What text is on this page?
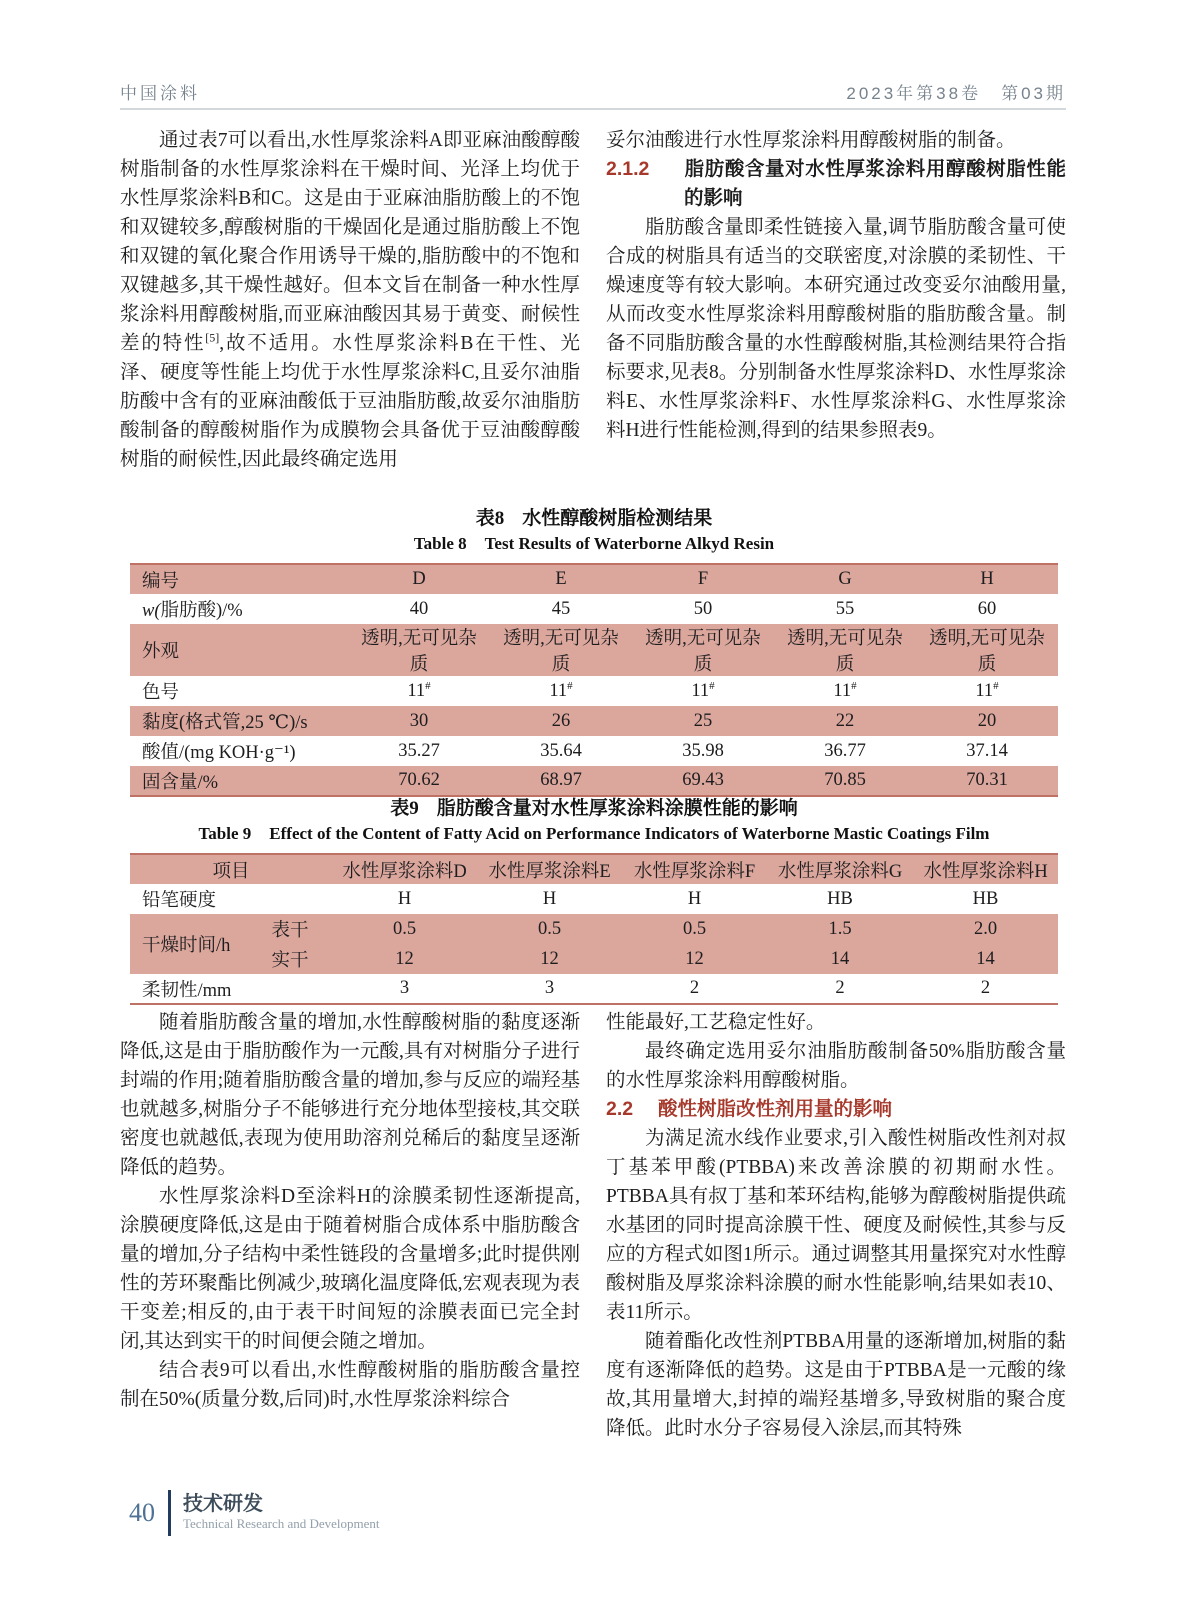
中国涂料	2023年第38卷　第03期

通过表7可以看出,水性厚浆涂料A即亚麻油酸醇酸树脂制备的水性厚浆涂料在干燥时间、光泽上均优于水性厚浆涂料B和C。这是由于亚麻油脂肪酸上的不饱和双键较多,醇酸树脂的干燥固化是通过脂肪酸上不饱和双键的氧化聚合作用诱导干燥的,脂肪酸中的不饱和双键越多,其干燥性越好。但本文旨在制备一种水性厚浆涂料用醇酸树脂,而亚麻油酸因其易于黄变、耐候性差的特性[5],故不适用。水性厚浆涂料B在干性、光泽、硬度等性能上均优于水性厚浆涂料C,且妥尔油脂肪酸中含有的亚麻油酸低于豆油脂肪酸,故妥尔油脂肪酸制备的醇酸树脂作为成膜物会具备优于豆油酸醇酸树脂的耐候性,因此最终确定选用

妥尔油酸进行水性厚浆涂料用醇酸树脂的制备。

2.1.2 脂肪酸含量对水性厚浆涂料用醇酸树脂性能的影响

脂肪酸含量即柔性链接入量,调节脂肪酸含量可使合成的树脂具有适当的交联密度,对涂膜的柔韧性、干燥速度等有较大影响。本研究通过改变妥尔油酸用量,从而改变水性厚浆涂料用醇酸树脂的脂肪酸含量。制备不同脂肪酸含量的水性醇酸树脂,其检测结果符合指标要求,见表8。分别制备水性厚浆涂料D、水性厚浆涂料E、水性厚浆涂料F、水性厚浆涂料G、水性厚浆涂料H进行性能检测,得到的结果参照表9。

表8 水性醇酸树脂检测结果
Table 8 Test Results of Waterborne Alkyd Resin
编号	D	E	F	G	H
w(脂肪酸)/%	40	45	50	55	60
外观	透明,无可见杂质	透明,无可见杂质	透明,无可见杂质	透明,无可见杂质	透明,无可见杂质
色号	11#	11#	11#	11#	11#
黏度(格式管,25 ℃)/s	30	26	25	22	20
酸值/(mg KOH·g⁻¹)	35.27	35.64	35.98	36.77	37.14
固含量/%	70.62	68.97	69.43	70.85	70.31
表9 脂肪酸含量对水性厚浆涂料涂膜性能的影响
Table 9 Effect of the Content of Fatty Acid on Performance Indicators of Waterborne Mastic Coatings Film
项目		水性厚浆涂料D	水性厚浆涂料E	水性厚浆涂料F	水性厚浆涂料G	水性厚浆涂料H
铅笔硬度		H	H	H	HB	HB
干燥时间/h	表干	0.5	0.5	0.5	1.5	2.0
	实干	12	12	12	14	14
柔韧性/mm		3	3	2	2	2

随着脂肪酸含量的增加,水性醇酸树脂的黏度逐渐降低,这是由于脂肪酸作为一元酸,具有对树脂分子进行封端的作用;随着脂肪酸含量的增加,参与反应的端羟基也就越多,树脂分子不能够进行充分地体型接枝,其交联密度也就越低,表现为使用助溶剂兑稀后的黏度呈逐渐降低的趋势。

水性厚浆涂料D至涂料H的涂膜柔韧性逐渐提高,涂膜硬度降低,这是由于随着树脂合成体系中脂肪酸含量的增加,分子结构中柔性链段的含量增多;此时提供刚性的芳环聚酯比例减少,玻璃化温度降低,宏观表现为表干变差;相反的,由于表干时间短的涂膜表面已完全封闭,其达到实干的时间便会随之增加。

结合表9可以看出,水性醇酸树脂的脂肪酸含量控制在50%(质量分数,后同)时,水性厚浆涂料综合

性能最好,工艺稳定性好。

最终确定选用妥尔油脂肪酸制备50%脂肪酸含量的水性厚浆涂料用醇酸树脂。

2.2 酸性树脂改性剂用量的影响

为满足流水线作业要求,引入酸性树脂改性剂对叔丁基苯甲酸(PTBBA)来改善涂膜的初期耐水性。PTBBA具有叔丁基和苯环结构,能够为醇酸树脂提供疏水基团的同时提高涂膜干性、硬度及耐候性,其参与反应的方程式如图1所示。通过调整其用量探究对水性醇酸树脂及厚浆涂料涂膜的耐水性能影响,结果如表10、表11所示。

随着酯化改性剂PTBBA用量的逐渐增加,树脂的黏度有逐渐降低的趋势。这是由于PTBBA是一元酸的缘故,其用量增大,封掉的端羟基增多,导致树脂的聚合度降低。此时水分子容易侵入涂层,而其特殊

40	技术研发
Technical Research and Development
